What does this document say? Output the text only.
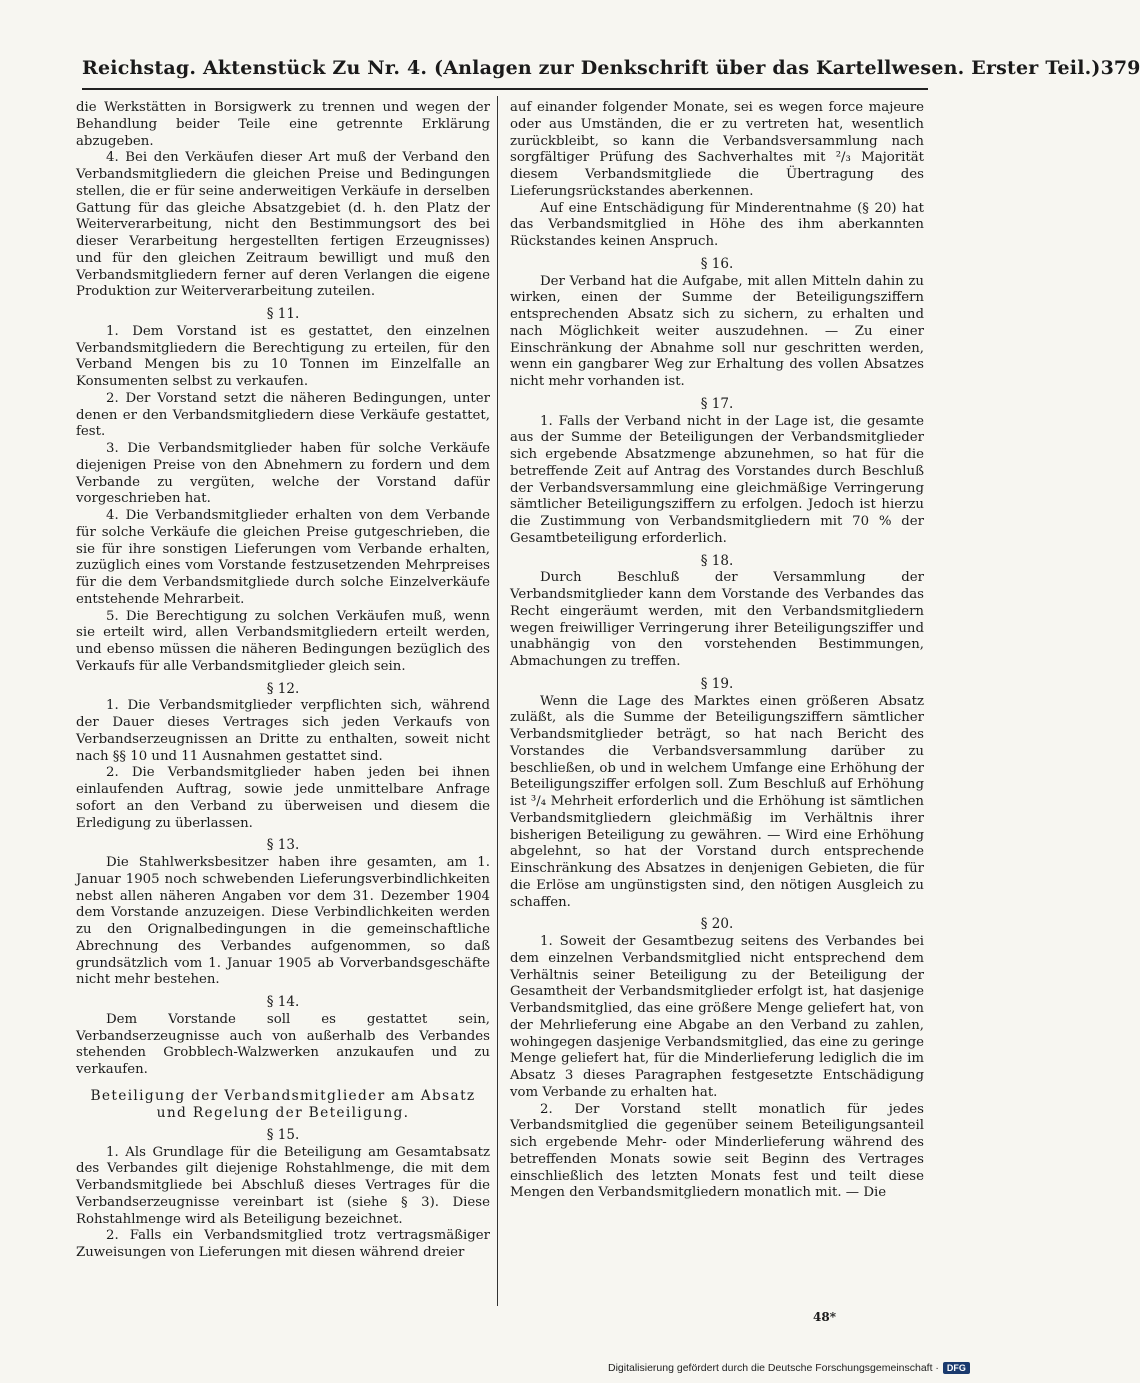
Reichstag. Aktenstück Zu Nr. 4. (Anlagen zur Denkschrift über das Kartellwesen. Erster Teil.) 379

die Werkstätten in Borsigwerk zu trennen und wegen der Behandlung beider Teile eine getrennte Erklärung abzugeben.

4. Bei den Verkäufen dieser Art muß der Verband den Verbandsmitgliedern die gleichen Preise und Bedingungen stellen, die er für seine anderweitigen Verkäufe in derselben Gattung für das gleiche Absatzgebiet (d. h. den Platz der Weiterverarbeitung, nicht den Bestimmungsort des bei dieser Verarbeitung hergestellten fertigen Erzeugnisses) und für den gleichen Zeitraum bewilligt und muß den Verbandsmitgliedern ferner auf deren Verlangen die eigene Produktion zur Weiterverarbeitung zuteilen.

§ 11.

1. Dem Vorstand ist es gestattet, den einzelnen Verbandsmitgliedern die Berechtigung zu erteilen, für den Verband Mengen bis zu 10 Tonnen im Einzelfalle an Konsumenten selbst zu verkaufen.

2. Der Vorstand setzt die näheren Bedingungen, unter denen er den Verbandsmitgliedern diese Verkäufe gestattet, fest.

3. Die Verbandsmitglieder haben für solche Verkäufe diejenigen Preise von den Abnehmern zu fordern und dem Verbande zu vergüten, welche der Vorstand dafür vorgeschrieben hat.

4. Die Verbandsmitglieder erhalten von dem Verbande für solche Verkäufe die gleichen Preise gutgeschrieben, die sie für ihre sonstigen Lieferungen vom Verbande erhalten, zuzüglich eines vom Vorstande festzusetzenden Mehrpreises für die dem Verbandsmitgliede durch solche Einzelverkäufe entstehende Mehrarbeit.

5. Die Berechtigung zu solchen Verkäufen muß, wenn sie erteilt wird, allen Verbandsmitgliedern erteilt werden, und ebenso müssen die näheren Bedingungen bezüglich des Verkaufs für alle Verbandsmitglieder gleich sein.

§ 12.

1. Die Verbandsmitglieder verpflichten sich, während der Dauer dieses Vertrages sich jeden Verkaufs von Verbandserzeugnissen an Dritte zu enthalten, soweit nicht nach §§ 10 und 11 Ausnahmen gestattet sind.

2. Die Verbandsmitglieder haben jeden bei ihnen einlaufenden Auftrag, sowie jede unmittelbare Anfrage sofort an den Verband zu überweisen und diesem die Erledigung zu überlassen.

§ 13.

Die Stahlwerksbesitzer haben ihre gesamten, am 1. Januar 1905 noch schwebenden Lieferungsverbindlichkeiten nebst allen näheren Angaben vor dem 31. Dezember 1904 dem Vorstande anzuzeigen. Diese Verbindlichkeiten werden zu den Orignalbedingungen in die gemeinschaftliche Abrechnung des Verbandes aufgenommen, so daß grundsätzlich vom 1. Januar 1905 ab Vorverbandsgeschäfte nicht mehr bestehen.

§ 14.

Dem Vorstande soll es gestattet sein, Verbandserzeugnisse auch von außerhalb des Verbandes stehenden Grobblech-Walzwerken anzukaufen und zu verkaufen.

Beteiligung der Verbandsmitglieder am Absatz und Regelung der Beteiligung.
§ 15.

1. Als Grundlage für die Beteiligung am Gesamtabsatz des Verbandes gilt diejenige Rohstahlmenge, die mit dem Verbandsmitgliede bei Abschluß dieses Vertrages für die Verbandserzeugnisse vereinbart ist (siehe § 3). Diese Rohstahlmenge wird als Beteiligung bezeichnet.

2. Falls ein Verbandsmitglied trotz vertragsmäßiger Zuweisungen von Lieferungen mit diesen während dreier

auf einander folgender Monate, sei es wegen force majeure oder aus Umständen, die er zu vertreten hat, wesentlich zurückbleibt, so kann die Verbandsversammlung nach sorgfältiger Prüfung des Sachverhaltes mit ²/₃ Majorität diesem Verbandsmitgliede die Übertragung des Lieferungsrückstandes aberkennen.

Auf eine Entschädigung für Minderentnahme (§ 20) hat das Verbandsmitglied in Höhe des ihm aberkannten Rückstandes keinen Anspruch.

§ 16.

Der Verband hat die Aufgabe, mit allen Mitteln dahin zu wirken, einen der Summe der Beteiligungsziffern entsprechenden Absatz sich zu sichern, zu erhalten und nach Möglichkeit weiter auszudehnen. — Zu einer Einschränkung der Abnahme soll nur geschritten werden, wenn ein gangbarer Weg zur Erhaltung des vollen Absatzes nicht mehr vorhanden ist.

§ 17.

1. Falls der Verband nicht in der Lage ist, die gesamte aus der Summe der Beteiligungen der Verbandsmitglieder sich ergebende Absatzmenge abzunehmen, so hat für die betreffende Zeit auf Antrag des Vorstandes durch Beschluß der Verbandsversammlung eine gleichmäßige Verringerung sämtlicher Beteiligungsziffern zu erfolgen. Jedoch ist hierzu die Zustimmung von Verbandsmitgliedern mit 70 % der Gesamtbeteiligung erforderlich.

§ 18.

Durch Beschluß der Versammlung der Verbandsmitglieder kann dem Vorstande des Verbandes das Recht eingeräumt werden, mit den Verbandsmitgliedern wegen freiwilliger Verringerung ihrer Beteiligungsziffer und unabhängig von den vorstehenden Bestimmungen, Abmachungen zu treffen.

§ 19.

Wenn die Lage des Marktes einen größeren Absatz zuläßt, als die Summe der Beteiligungsziffern sämtlicher Verbandsmitglieder beträgt, so hat nach Bericht des Vorstandes die Verbandsversammlung darüber zu beschließen, ob und in welchem Umfange eine Erhöhung der Beteiligungsziffer erfolgen soll. Zum Beschluß auf Erhöhung ist ³/₄ Mehrheit erforderlich und die Erhöhung ist sämtlichen Verbandsmitgliedern gleichmäßig im Verhältnis ihrer bisherigen Beteiligung zu gewähren. — Wird eine Erhöhung abgelehnt, so hat der Vorstand durch entsprechende Einschränkung des Absatzes in denjenigen Gebieten, die für die Erlöse am ungünstigsten sind, den nötigen Ausgleich zu schaffen.

§ 20.

1. Soweit der Gesamtbezug seitens des Verbandes bei dem einzelnen Verbandsmitglied nicht entsprechend dem Verhältnis seiner Beteiligung zu der Beteiligung der Gesamtheit der Verbandsmitglieder erfolgt ist, hat dasjenige Verbandsmitglied, das eine größere Menge geliefert hat, von der Mehrlieferung eine Abgabe an den Verband zu zahlen, wohingegen dasjenige Verbandsmitglied, das eine zu geringe Menge geliefert hat, für die Minderlieferung lediglich die im Absatz 3 dieses Paragraphen festgesetzte Entschädigung vom Verbande zu erhalten hat.

2. Der Vorstand stellt monatlich für jedes Verbandsmitglied die gegenüber seinem Beteiligungsanteil sich ergebende Mehr- oder Minderlieferung während des betreffenden Monats sowie seit Beginn des Vertrages einschließlich des letzten Monats fest und teilt diese Mengen den Verbandsmitgliedern monatlich mit. — Die

48*
Digitalisierung gefördert durch die Deutsche Forschungsgemeinschaft · DFG
